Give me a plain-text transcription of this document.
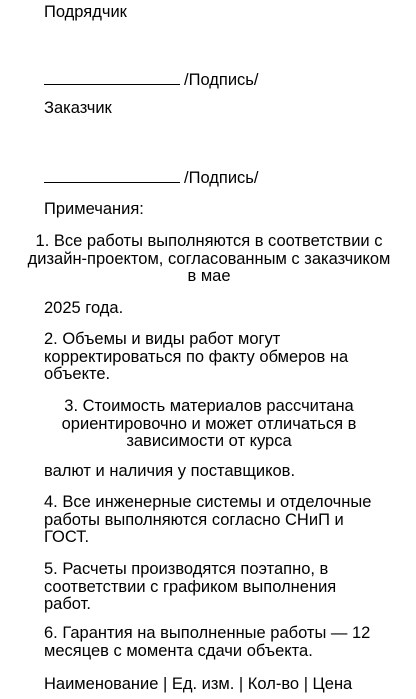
Подрядчик
/Подпись/
Заказчик
/Подпись/
Примечания:
1. Все работы выполняются в соответствии с дизайн-проектом, согласованным с заказчиком в мае
2025 года.
2. Объемы и виды работ могут корректироваться по факту обмеров на объекте.
3. Стоимость материалов рассчитана ориентировочно и может отличаться в зависимости от курса
валют и наличия у поставщиков.
4. Все инженерные системы и отделочные работы выполняются согласно СНиП и ГОСТ.
5. Расчеты производятся поэтапно, в соответствии с графиком выполнения работ.
6. Гарантия на выполненные работы — 12 месяцев с момента сдачи объекта.
Наименование | Ед. изм. | Кол-во | Цена
